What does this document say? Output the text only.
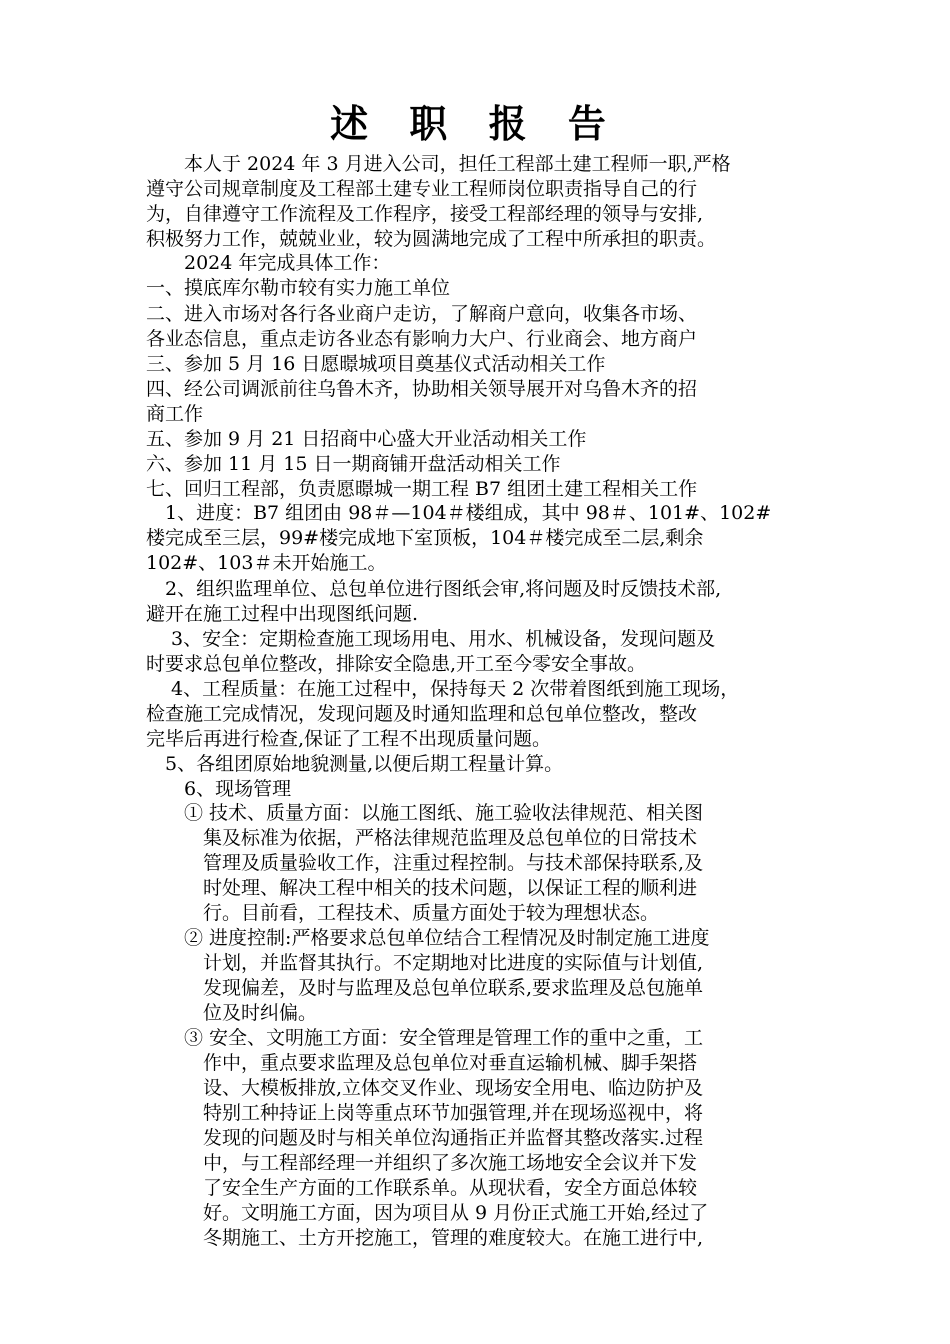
述 职 报 告
　　本人于 2024 年 3 月进入公司，担任工程部土建工程师一职,严格
遵守公司规章制度及工程部土建专业工程师岗位职责指导自己的行
为，自律遵守工作流程及工作程序，接受工程部经理的领导与安排,
积极努力工作，兢兢业业，较为圆满地完成了工程中所承担的职责。
　　2024 年完成具体工作：
一、摸底库尔勒市较有实力施工单位
二、进入市场对各行各业商户走访，了解商户意向，收集各市场、
各业态信息，重点走访各业态有影响力大户、行业商会、地方商户
三、参加 5 月 16 日愿暻城项目奠基仪式活动相关工作
四、经公司调派前往乌鲁木齐，协助相关领导展开对乌鲁木齐的招
商工作
五、参加 9 月 21 日招商中心盛大开业活动相关工作
六、参加 11 月 15 日一期商铺开盘活动相关工作
七、回归工程部，负责愿暻城一期工程 B7 组团土建工程相关工作
　1、进度：B7 组团由 98＃—104＃楼组成，其中 98＃、101#、102#
楼完成至三层，99#楼完成地下室顶板，104＃楼完成至二层,剩余
102#、103＃未开始施工。
　2、组织监理单位、总包单位进行图纸会审,将问题及时反馈技术部,
避开在施工过程中出现图纸问题.
　 3、安全：定期检查施工现场用电、用水、机械设备，发现问题及
时要求总包单位整改，排除安全隐患,开工至今零安全事故。
　 4、工程质量：在施工过程中，保持每天 2 次带着图纸到施工现场，
检查施工完成情况，发现问题及时通知监理和总包单位整改，整改
完毕后再进行检查,保证了工程不出现质量问题。
　5、各组团原始地貌测量,以便后期工程量计算。
　　6、现场管理
　　① 技术、质量方面：以施工图纸、施工验收法律规范、相关图
　　　集及标准为依据，严格法律规范监理及总包单位的日常技术
　　　管理及质量验收工作，注重过程控制。与技术部保持联系,及
　　　时处理、解决工程中相关的技术问题，以保证工程的顺利进
　　　行。目前看，工程技术、质量方面处于较为理想状态。
　　② 进度控制:严格要求总包单位结合工程情况及时制定施工进度
　　　计划，并监督其执行。不定期地对比进度的实际值与计划值,
　　　发现偏差，及时与监理及总包单位联系,要求监理及总包施单
　　　位及时纠偏。
　　③ 安全、文明施工方面：安全管理是管理工作的重中之重，工
　　　作中，重点要求监理及总包单位对垂直运输机械、脚手架搭
　　　设、大模板排放,立体交叉作业、现场安全用电、临边防护及
　　　特别工种持证上岗等重点环节加强管理,并在现场巡视中，将
　　　发现的问题及时与相关单位沟通指正并监督其整改落实.过程
　　　中，与工程部经理一并组织了多次施工场地安全会议并下发
　　　了安全生产方面的工作联系单。从现状看，安全方面总体较
　　　好。文明施工方面，因为项目从 9 月份正式施工开始,经过了
　　　冬期施工、土方开挖施工，管理的难度较大。在施工进行中,
